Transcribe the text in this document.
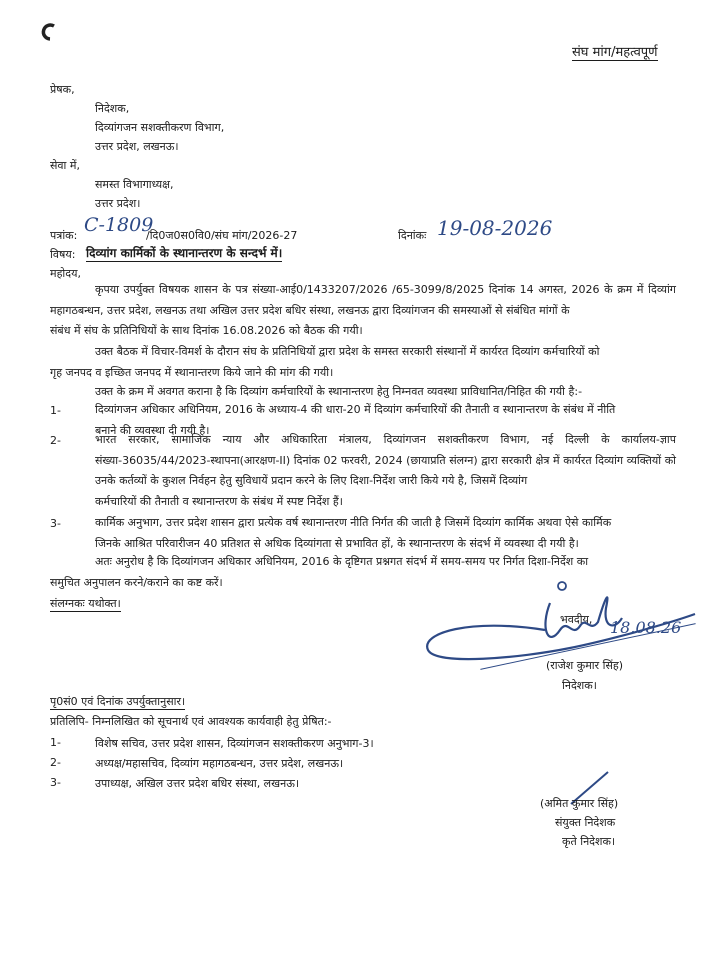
संघ मांग/महत्वपूर्ण
प्रेषक,
निदेशक,
दिव्यांगजन सशक्तीकरण विभाग,
उत्तर प्रदेश, लखनऊ।
सेवा में,
समस्त विभागाध्यक्ष,
उत्तर प्रदेश।
पत्रांक: C-1809
/दि0ज0स0वि0/संघ मांग/2026-27	दिनांकः 19-08-2026
विषय: दिव्यांग कार्मिकों के स्थानान्तरण के सन्दर्भ में।
महोदय,
कृपया उपर्युक्त विषयक शासन के पत्र संख्या-आई0/1433207/2026 /65-3099/8/2025 दिनांक 14 अगस्त, 2026 के क्रम में दिव्यांग महागठबन्धन, उत्तर प्रदेश, लखनऊ तथा अखिल उत्तर प्रदेश बधिर संस्था, लखनऊ द्वारा दिव्यांगजन की समस्याओं से संबंधित मांगों के
संबंध में संघ के प्रतिनिधियों के साथ दिनांक 16.08.2026 को बैठक की गयी।
उक्त बैठक में विचार-विमर्श के दौरान संघ के प्रतिनिधियों द्वारा प्रदेश के समस्त सरकारी संस्थानों में कार्यरत दिव्यांग कर्मचारियों को
गृह जनपद व इच्छित जनपद में स्थानान्तरण किये जाने की मांग की गयी।
उक्त के क्रम में अवगत कराना है कि दिव्यांग कर्मचारियों के स्थानान्तरण हेतु निम्नवत व्यवस्था प्राविधानित/निहित की गयी है:-
1-	दिव्यांगजन अधिकार अधिनियम, 2016 के अध्याय-4 की धारा-20 में दिव्यांग कर्मचारियों की तैनाती व स्थानान्तरण के संबंध में नीति
बनाने की व्यवस्था दी गयी है।
2-	भारत सरकार, सामाजिक न्याय और अधिकारिता मंत्रालय, दिव्यांगजन सशक्तीकरण विभाग, नई दिल्ली के कार्यालय-ज्ञाप संख्या-36035/44/2023-स्थापना(आरक्षण-II) दिनांक 02 फरवरी, 2024 (छायाप्रति संलग्न) द्वारा सरकारी क्षेत्र में कार्यरत दिव्यांग व्यक्तियों को उनके कर्तव्यों के कुशल निर्वहन हेतु सुविधायें प्रदान करने के लिए दिशा-निर्देश जारी किये गये है, जिसमें दिव्यांग
कर्मचारियों की तैनाती व स्थानान्तरण के संबंध में स्पष्ट निर्देश हैं।
3-	कार्मिक अनुभाग, उत्तर प्रदेश शासन द्वारा प्रत्येक वर्ष स्थानान्तरण नीति निर्गत की जाती है जिसमें दिव्यांग कार्मिक अथवा ऐसे कार्मिक
जिनके आश्रित परिवारीजन 40 प्रतिशत से अधिक दिव्यांगता से प्रभावित हों, के स्थानान्तरण के संदर्भ में व्यवस्था दी गयी है।
अतः अनुरोध है कि दिव्यांगजन अधिकार अधिनियम, 2016 के दृष्टिगत प्रश्नगत संदर्भ में समय-समय पर निर्गत दिशा-निर्देश का
समुचित अनुपालन करने/कराने का कष्ट करें।
संलग्नकः यथोक्त।
भवदीय, 18.08.26
(राजेश कुमार सिंह)
निदेशक।
पृ0सं0 एवं दिनांक उपर्युक्तानुसार।
प्रतिलिपि- निम्नलिखित को सूचनार्थ एवं आवश्यक कार्यवाही हेतु प्रेषित:-
1-	विशेष सचिव, उत्तर प्रदेश शासन, दिव्यांगजन सशक्तीकरण अनुभाग-3।
2-	अध्यक्ष/महासचिव, दिव्यांग महागठबन्धन, उत्तर प्रदेश, लखनऊ।
3-	उपाध्यक्ष, अखिल उत्तर प्रदेश बधिर संस्था, लखनऊ।
(अमित कुमार सिंह)
संयुक्त निदेशक
कृते निदेशक।
